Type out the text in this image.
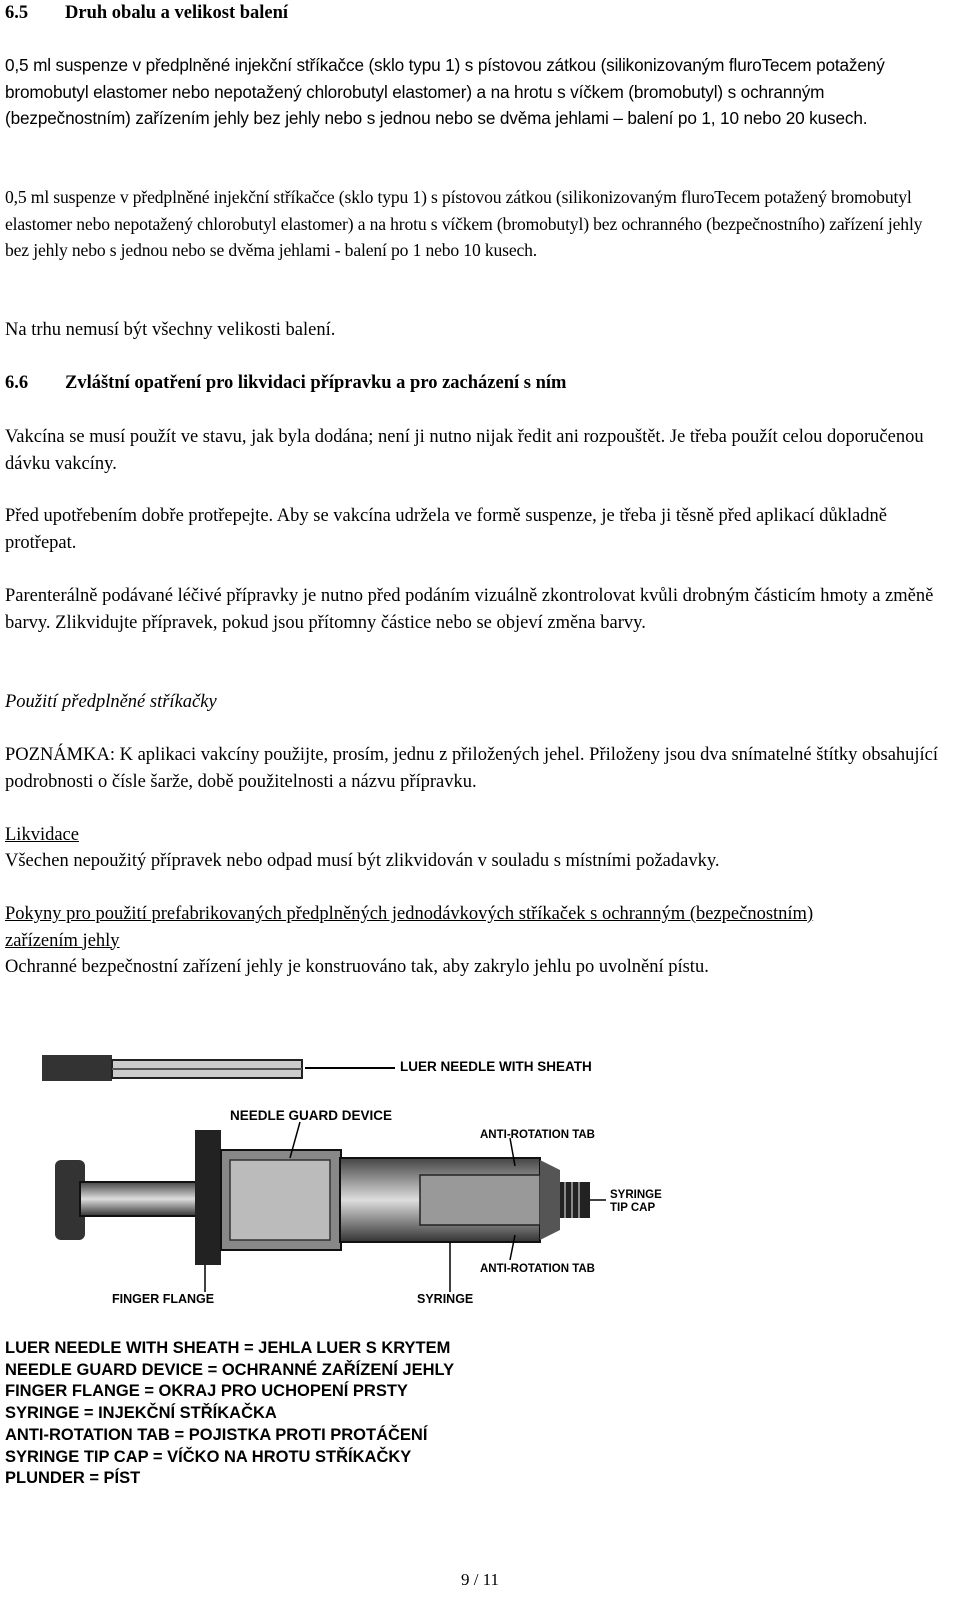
6.5 Druh obalu a velikost balení

0,5 ml suspenze v předplněné injekční stříkačce (sklo typu 1) s pístovou zátkou (silikonizovaným fluroTecem potažený bromobutyl elastomer nebo nepotažený chlorobutyl elastomer) a na hrotu s víčkem (bromobutyl) s ochranným (bezpečnostním) zařízením jehly bez jehly nebo s jednou nebo se dvěma jehlami – balení po 1, 10 nebo 20 kusech.

0,5 ml suspenze v předplněné injekční stříkačce (sklo typu 1) s pístovou zátkou (silikonizovaným fluroTecem potažený bromobutyl elastomer nebo nepotažený chlorobutyl elastomer) a na hrotu s víčkem (bromobutyl) bez ochranného (bezpečnostního) zařízení jehly bez jehly nebo s jednou nebo se dvěma jehlami - balení po 1 nebo 10 kusech.

Na trhu nemusí být všechny velikosti balení.

6.6 Zvláštní opatření pro likvidaci přípravku a pro zacházení s ním

Vakcína se musí použít ve stavu, jak byla dodána; není ji nutno nijak ředit ani rozpouštět. Je třeba použít celou doporučenou dávku vakcíny.

Před upotřebením dobře protřepejte. Aby se vakcína udržela ve formě suspenze, je třeba ji těsně před aplikací důkladně protřepat.

Parenterálně podávané léčivé přípravky je nutno před podáním vizuálně zkontrolovat kvůli drobným částicím hmoty a změně barvy. Zlikvidujte přípravek, pokud jsou přítomny částice nebo se objeví změna barvy.

Použití předplněné stříkačky

POZNÁMKA: K aplikaci vakcíny použijte, prosím, jednu z přiložených jehel. Přiloženy jsou dva snímatelné štítky obsahující podrobnosti o čísle šarže, době použitelnosti a názvu přípravku.

Likvidace

Všechen nepoužitý přípravek nebo odpad musí být zlikvidován v souladu s místními požadavky.

Pokyny pro použití prefabrikovaných předplněných jednodávkových stříkaček s ochranným (bezpečnostním) zařízením jehly

Ochranné bezpečnostní zařízení jehly je konstruováno tak, aby zakrylo jehlu po uvolnění pístu.

LUER NEEDLE WITH SHEATH
NEEDLE GUARD DEVICE
ANTI-ROTATION TAB
SYRINGE
TIP CAP
ANTI-ROTATION TAB
FINGER FLANGE	SYRINGE
LUER NEEDLE WITH SHEATH = JEHLA LUER S KRYTEM
NEEDLE GUARD DEVICE = OCHRANNÉ ZAŘÍZENÍ JEHLY
FINGER FLANGE = OKRAJ PRO UCHOPENÍ PRSTY
SYRINGE = INJEKČNÍ STŘÍKAČKA
ANTI-ROTATION TAB = POJISTKA PROTI PROTÁČENÍ
SYRINGE TIP CAP = VÍČKO NA HROTU STŘÍKAČKY
PLUNDER = PÍST
9 / 11
